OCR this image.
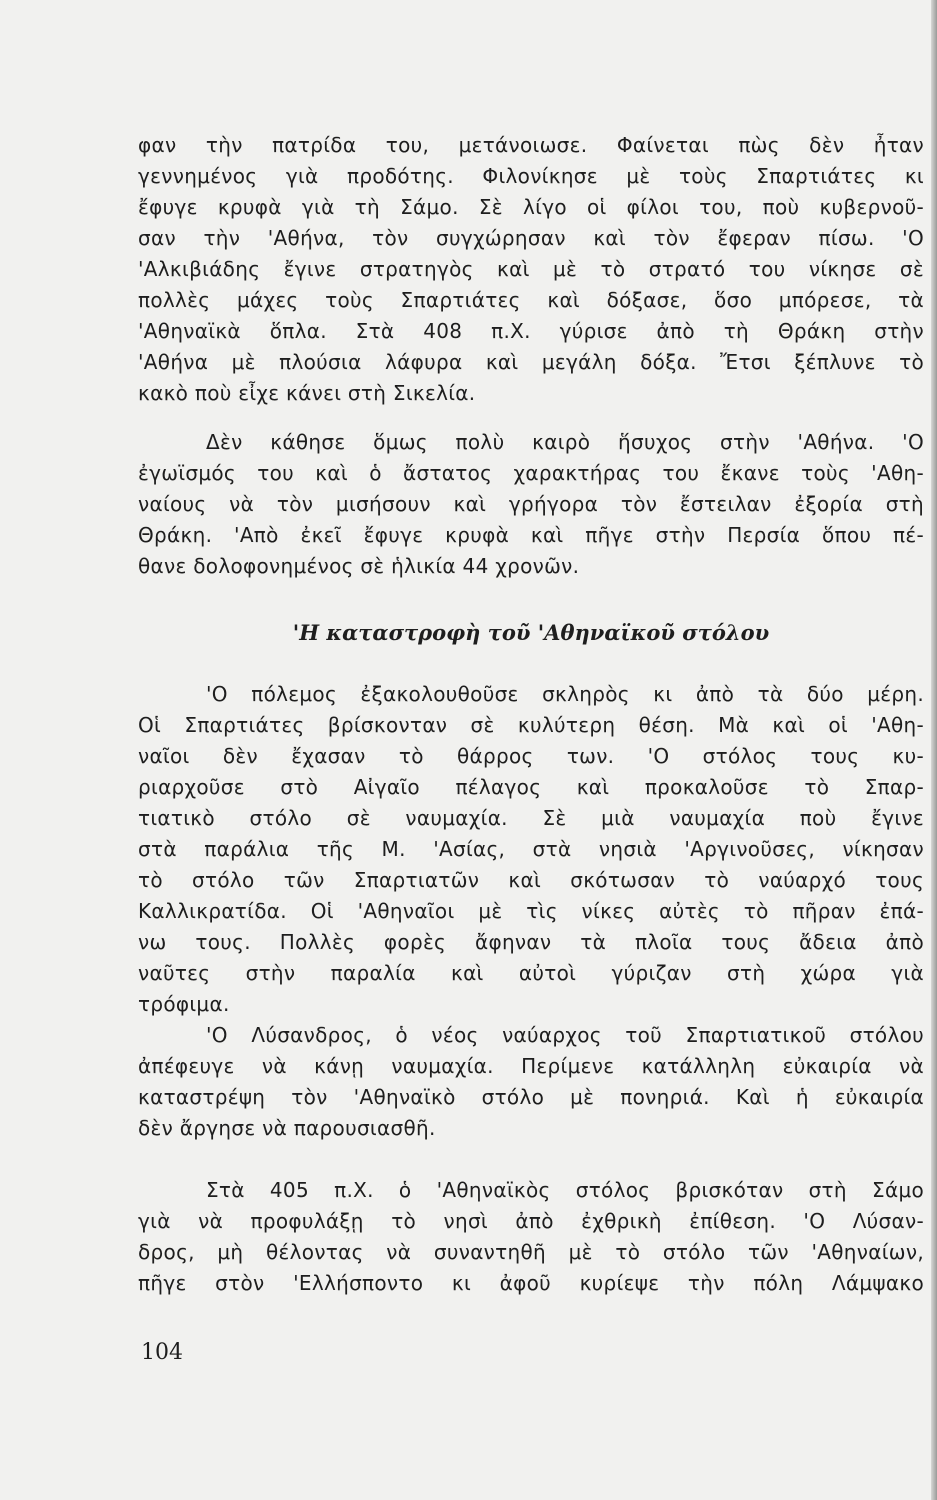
φαν τὴν πατρίδα του, μετάνοιωσε. Φαίνεται πὼς δὲν ἦταν
γεννημένος γιὰ προδότης. Φιλονίκησε μὲ τοὺς Σπαρτιάτες κι
ἔφυγε κρυφὰ γιὰ τὴ Σάμο. Σὲ λίγο οἱ φίλοι του, ποὺ κυβερνοῦ-
σαν τὴν 'Αθήνα, τὸν συγχώρησαν καὶ τὸν ἔφεραν πίσω. 'Ο
'Αλκιβιάδης ἔγινε στρατηγὸς καὶ μὲ τὸ στρατό του νίκησε σὲ
πολλὲς μάχες τοὺς Σπαρτιάτες καὶ δόξασε, ὅσο μπόρεσε, τὰ
'Αθηναϊκὰ ὅπλα. Στὰ 408 π.Χ. γύρισε ἀπὸ τὴ Θράκη στὴν
'Αθήνα μὲ πλούσια λάφυρα καὶ μεγάλη δόξα. Ἔτσι ξέπλυνε τὸ
κακὸ ποὺ εἶχε κάνει στὴ Σικελία.
Δὲν κάθησε ὅμως πολὺ καιρὸ ἥσυχος στὴν 'Αθήνα. 'Ο
ἐγωϊσμός του καὶ ὁ ἄστατος χαρακτήρας του ἔκανε τοὺς 'Αθη-
ναίους νὰ τὸν μισήσουν καὶ γρήγορα τὸν ἔστειλαν ἐξορία στὴ
Θράκη. 'Απὸ ἐκεῖ ἔφυγε κρυφὰ καὶ πῆγε στὴν Περσία ὅπου πέ-
θανε δολοφονημένος σὲ ἡλικία 44 χρονῶν.
'Η καταστροφὴ τοῦ 'Αθηναϊκοῦ στόλου
'Ο πόλεμος ἐξακολουθοῦσε σκληρὸς κι ἀπὸ τὰ δύο μέρη.
Οἱ Σπαρτιάτες βρίσκονταν σὲ κυλύτερη θέση. Μὰ καὶ οἱ 'Αθη-
ναῖοι δὲν ἔχασαν τὸ θάρρος των. 'Ο στόλος τους κυ-
ριαρχοῦσε στὸ Αἰγαῖο πέλαγος καὶ προκαλοῦσε τὸ Σπαρ-
τιατικὸ στόλο σὲ ναυμαχία. Σὲ μιὰ ναυμαχία ποὺ ἔγινε
στὰ παράλια τῆς Μ. 'Ασίας, στὰ νησιὰ 'Αργινοῦσες, νίκησαν
τὸ στόλο τῶν Σπαρτιατῶν καὶ σκότωσαν τὸ ναύαρχό τους
Καλλικρατίδα. Οἱ 'Αθηναῖοι μὲ τὶς νίκες αὐτὲς τὸ πῆραν ἐπά-
νω τους. Πολλὲς φορὲς ἄφηναν τὰ πλοῖα τους ἄδεια ἀπὸ
ναῦτες στὴν παραλία καὶ αὐτοὶ γύριζαν στὴ χώρα γιὰ
τρόφιμα.
'Ο Λύσανδρος, ὁ νέος ναύαρχος τοῦ Σπαρτιατικοῦ στόλου
ἀπέφευγε νὰ κάνῃ ναυμαχία. Περίμενε κατάλληλη εὐκαιρία νὰ
καταστρέψη τὸν 'Αθηναϊκὸ στόλο μὲ πονηριά. Καὶ ἡ εὐκαιρία
δὲν ἄργησε νὰ παρουσιασθῆ.
Στὰ 405 π.Χ. ὁ 'Αθηναϊκὸς στόλος βρισκόταν στὴ Σάμο
γιὰ νὰ προφυλάξῃ τὸ νησὶ ἀπὸ ἐχθρικὴ ἐπίθεση. 'Ο Λύσαν-
δρος, μὴ θέλοντας νὰ συναντηθῆ μὲ τὸ στόλο τῶν 'Αθηναίων,
πῆγε στὸν 'Ελλήσποντο κι ἀφοῦ κυρίεψε τὴν πόλη Λάμψακο
104
